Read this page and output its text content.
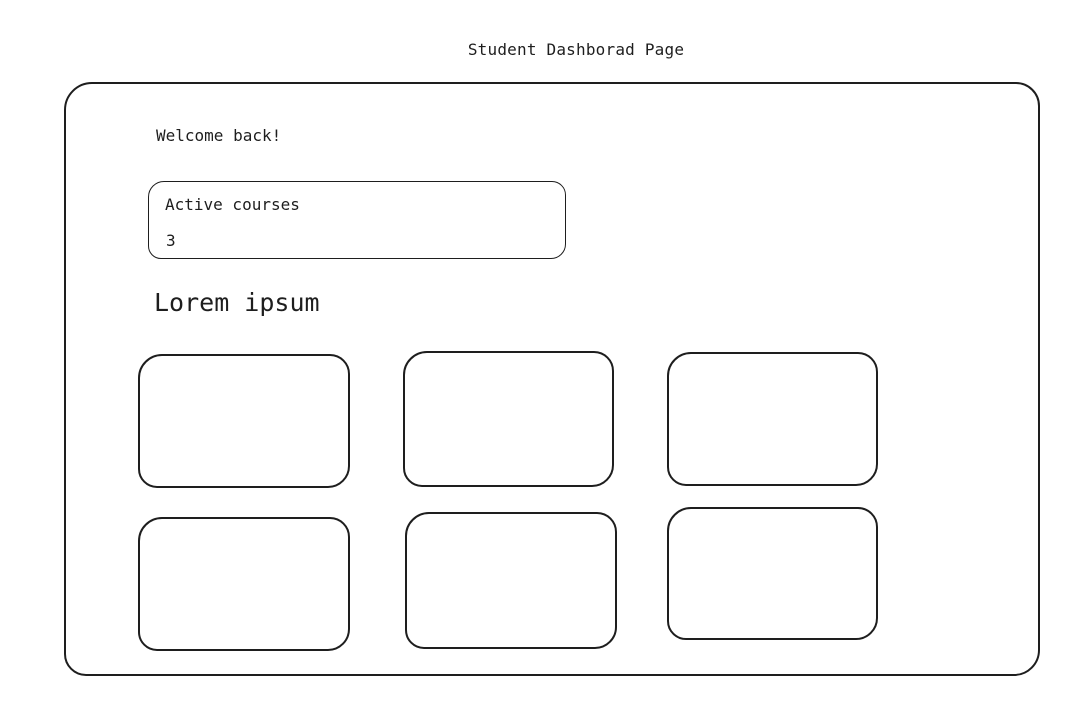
Student Dashborad Page
Welcome back!
Active courses
3
Lorem ipsum
